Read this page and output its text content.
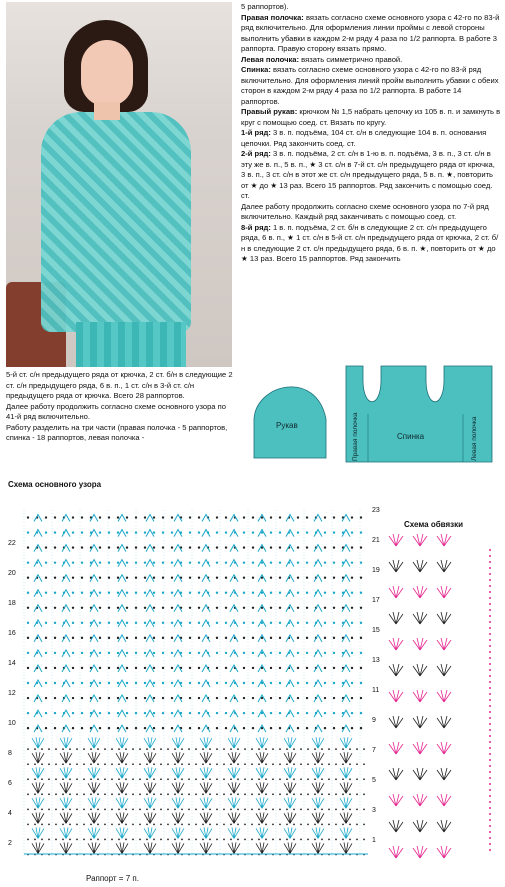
5 раппортов).
Правая полочка: вязать согласно схеме основного узора с 42-го по 83-й ряд включительно. Для оформления линии проймы с левой стороны выполнить убавки в каждом 2-м ряду 4 раза по 1/2 раппорта. В работе 3 раппорта. Правую сторону вязать прямо.
Левая полочка: вязать симметрично правой.
Спинка: вязать согласно схеме основного узора с 42-го по 83-й ряд включительно. Для оформления линий пройм выполнить убавки с обеих сторон в каждом 2-м ряду 4 раза по 1/2 раппорта. В работе 14 раппортов.
Правый рукав: крючком № 1,5 набрать цепочку из 105 в. п. и замкнуть в круг с помощью соед. ст. Вязать по кругу.
1-й ряд: 3 в. п. подъёма, 104 ст. с/н в следующие 104 в. п. основания цепочки. Ряд закончить соед. ст.
2-й ряд: 3 в. п. подъёма, 2 ст. с/н в 1-ю в. п. подъёма, 3 в. п., 3 ст. с/н в эту же в. п., 5 в. п., ★ 3 ст. с/н в 7-й ст. с/н предыдущего ряда от крючка, 3 в. п., 3 ст. с/н в этот же ст. с/н предыдущего ряда, 5 в. п. ★, повторить от ★ до ★ 13 раз. Всего 15 раппортов. Ряд закончить с помощью соед. ст.
Далее работу продолжить согласно схеме основного узора по 7-й ряд включительно. Каждый ряд заканчивать с помощью соед. ст.
8-й ряд: 1 в. п. подъёма, 2 ст. б/н в следующие 2 ст. с/н предыдущего ряда, 6 в. п., ★ 1 ст. с/н в 5-й ст. с/н предыдущего ряда от крючка, 2 ст. б/н в следующие 2 ст. с/н предыдущего ряда, 6 в. п. ★, повторить от ★ до ★ 13 раз. Всего 15 раппортов. Ряд закончить
5-й ст. с/н предыдущего ряда от крючка, 2 ст. б/н в следующие 2 ст. с/н предыдущего ряда, 6 в. п., 1 ст. с/н в 3-й ст. с/н предыдущего ряда от крючка. Всего 28 раппортов.
Далее работу продолжить согласно схеме основного узора по 41-й ряд включительно.
Работу разделить на три части (правая полочка - 5 раппортов, спинка - 18 раппортов, левая полочка -
Рукав	Правая полочка	Спинка	Левая полочка
Схема основного узора
Схема обвязки
22
20
18
16
14
12
10
8
6
4
2
23
21
19
17
15
13
11
9
7
5
3
1
Раппорт = 7 п.
